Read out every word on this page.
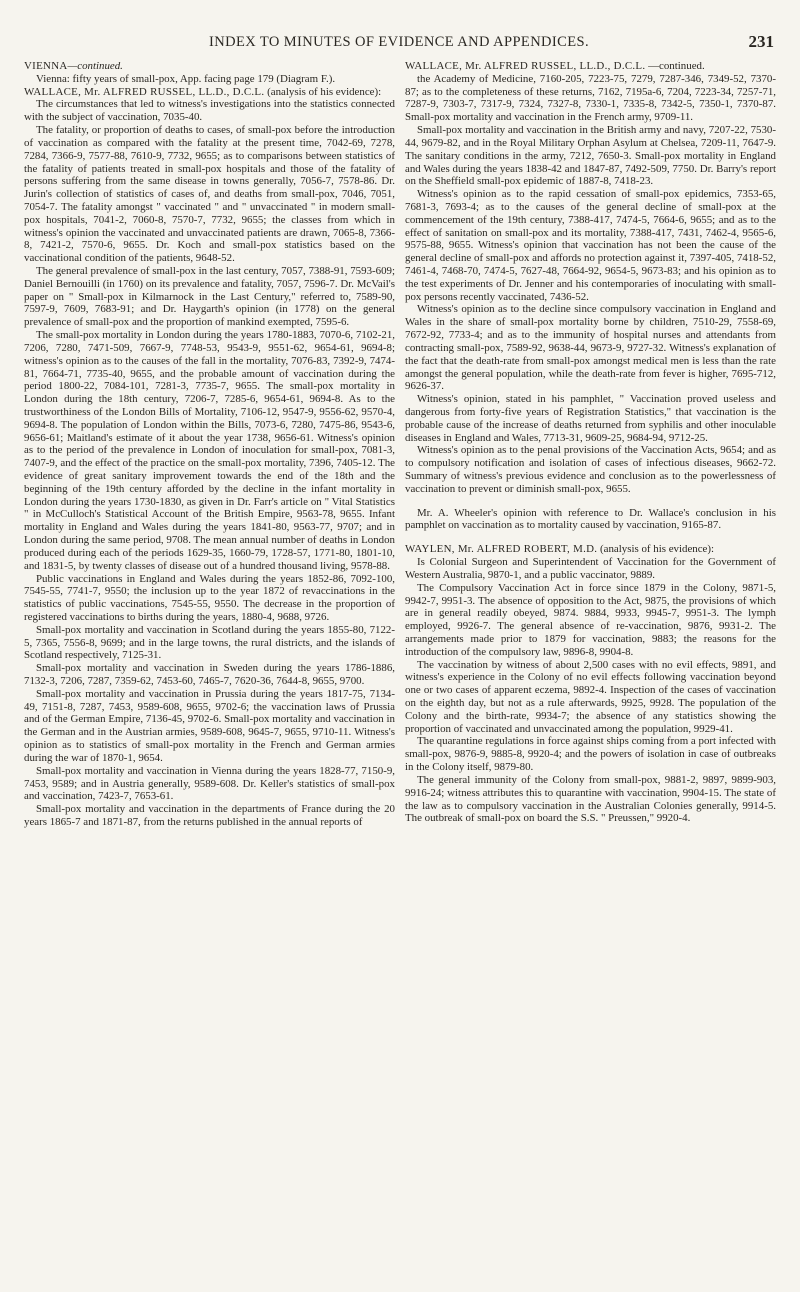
INDEX TO MINUTES OF EVIDENCE AND APPENDICES.	231

VIENNA—continued.

Vienna: fifty years of small-pox, App. facing page 179 (Diagram F.).

WALLACE, Mr. ALFRED RUSSEL, LL.D., D.C.L. (analysis of his evidence):

The circumstances that led to witness's investigations into the statistics connected with the subject of vaccination, 7035-40.

The fatality, or proportion of deaths to cases, of small-pox before the introduction of vaccination as compared with the fatality at the present time, 7042-69, 7278, 7284, 7366-9, 7577-88, 7610-9, 7732, 9655; as to comparisons between statistics of the fatality of patients treated in small-pox hospitals and those of the fatality of persons suffering from the same disease in towns generally, 7056-7, 7578-86. Dr. Jurin's collection of statistics of cases of, and deaths from small-pox, 7046, 7051, 7054-7. The fatality amongst " vaccinated " and " unvaccinated " in modern small-pox hospitals, 7041-2, 7060-8, 7570-7, 7732, 9655; the classes from which in witness's opinion the vaccinated and unvaccinated patients are drawn, 7065-8, 7366-8, 7421-2, 7570-6, 9655. Dr. Koch and small-pox statistics based on the vaccinational condition of the patients, 9648-52.

The general prevalence of small-pox in the last century, 7057, 7388-91, 7593-609; Daniel Bernouilli (in 1760) on its prevalence and fatality, 7057, 7596-7. Dr. McVail's paper on " Small-pox in Kilmarnock in the Last Century," referred to, 7589-90, 7597-9, 7609, 7683-91; and Dr. Haygarth's opinion (in 1778) on the general prevalence of small-pox and the proportion of mankind exempted, 7595-6.

The small-pox mortality in London during the years 1780-1883, 7070-6, 7102-21, 7206, 7280, 7471-509, 7667-9, 7748-53, 9543-9, 9551-62, 9654-61, 9694-8; witness's opinion as to the causes of the fall in the mortality, 7076-83, 7392-9, 7474-81, 7664-71, 7735-40, 9655, and the probable amount of vaccination during the period 1800-22, 7084-101, 7281-3, 7735-7, 9655. The small-pox mortality in London during the 18th century, 7206-7, 7285-6, 9654-61, 9694-8. As to the trustworthiness of the London Bills of Mortality, 7106-12, 9547-9, 9556-62, 9570-4, 9694-8. The population of London within the Bills, 7073-6, 7280, 7475-86, 9543-6, 9656-61; Maitland's estimate of it about the year 1738, 9656-61. Witness's opinion as to the period of the prevalence in London of inoculation for small-pox, 7081-3, 7407-9, and the effect of the practice on the small-pox mortality, 7396, 7405-12. The evidence of great sanitary improvement towards the end of the 18th and the beginning of the 19th century afforded by the decline in the infant mortality in London during the years 1730-1830, as given in Dr. Farr's article on " Vital Statistics " in McCulloch's Statistical Account of the British Empire, 9563-78, 9655. Infant mortality in England and Wales during the years 1841-80, 9563-77, 9707; and in London during the same period, 9708. The mean annual number of deaths in London produced during each of the periods 1629-35, 1660-79, 1728-57, 1771-80, 1801-10, and 1831-5, by twenty classes of disease out of a hundred thousand living, 9578-88.

Public vaccinations in England and Wales during the years 1852-86, 7092-100, 7545-55, 7741-7, 9550; the inclusion up to the year 1872 of revaccinations in the statistics of public vaccinations, 7545-55, 9550. The decrease in the proportion of registered vaccinations to births during the years, 1880-4, 9688, 9726.

Small-pox mortality and vaccination in Scotland during the years 1855-80, 7122-5, 7365, 7556-8, 9699; and in the large towns, the rural districts, and the islands of Scotland respectively, 7125-31.

Small-pox mortality and vaccination in Sweden during the years 1786-1886, 7132-3, 7206, 7287, 7359-62, 7453-60, 7465-7, 7620-36, 7644-8, 9655, 9700.

Small-pox mortality and vaccination in Prussia during the years 1817-75, 7134-49, 7151-8, 7287, 7453, 9589-608, 9655, 9702-6; the vaccination laws of Prussia and of the German Empire, 7136-45, 9702-6. Small-pox mortality and vaccination in the German and in the Austrian armies, 9589-608, 9645-7, 9655, 9710-11. Witness's opinion as to statistics of small-pox mortality in the French and German armies during the war of 1870-1, 9654.

Small-pox mortality and vaccination in Vienna during the years 1828-77, 7150-9, 7453, 9589; and in Austria generally, 9589-608. Dr. Keller's statistics of small-pox and vaccination, 7423-7, 7653-61.

Small-pox mortality and vaccination in the departments of France during the 20 years 1865-7 and 1871-87, from the returns published in the annual reports of

WALLACE, Mr. ALFRED RUSSEL, LL.D., D.C.L. —continued.

the Academy of Medicine, 7160-205, 7223-75, 7279, 7287-346, 7349-52, 7370-87; as to the completeness of these returns, 7162, 7195a-6, 7204, 7223-34, 7257-71, 7287-9, 7303-7, 7317-9, 7324, 7327-8, 7330-1, 7335-8, 7342-5, 7350-1, 7370-87. Small-pox mortality and vaccination in the French army, 9709-11.

Small-pox mortality and vaccination in the British army and navy, 7207-22, 7530-44, 9679-82, and in the Royal Military Orphan Asylum at Chelsea, 7209-11, 7647-9. The sanitary conditions in the army, 7212, 7650-3. Small-pox mortality in England and Wales during the years 1838-42 and 1847-87, 7492-509, 7750. Dr. Barry's report on the Sheffield small-pox epidemic of 1887-8, 7418-23.

Witness's opinion as to the rapid cessation of small-pox epidemics, 7353-65, 7681-3, 7693-4; as to the causes of the general decline of small-pox at the commencement of the 19th century, 7388-417, 7474-5, 7664-6, 9655; and as to the effect of sanitation on small-pox and its mortality, 7388-417, 7431, 7462-4, 9565-6, 9575-88, 9655. Witness's opinion that vaccination has not been the cause of the general decline of small-pox and affords no protection against it, 7397-405, 7418-52, 7461-4, 7468-70, 7474-5, 7627-48, 7664-92, 9654-5, 9673-83; and his opinion as to the test experiments of Dr. Jenner and his contemporaries of inoculating with small-pox persons recently vaccinated, 7436-52.

Witness's opinion as to the decline since compulsory vaccination in England and Wales in the share of small-pox mortality borne by children, 7510-29, 7558-69, 7672-92, 7733-4; and as to the immunity of hospital nurses and attendants from contracting small-pox, 7589-92, 9638-44, 9673-9, 9727-32. Witness's explanation of the fact that the death-rate from small-pox amongst medical men is less than the rate amongst the general population, while the death-rate from fever is higher, 7695-712, 9626-37.

Witness's opinion, stated in his pamphlet, " Vaccination proved useless and dangerous from forty-five years of Registration Statistics," that vaccination is the probable cause of the increase of deaths returned from syphilis and other inoculable diseases in England and Wales, 7713-31, 9609-25, 9684-94, 9712-25.

Witness's opinion as to the penal provisions of the Vaccination Acts, 9654; and as to compulsory notification and isolation of cases of infectious diseases, 9662-72. Summary of witness's previous evidence and conclusion as to the powerlessness of vaccination to prevent or diminish small-pox, 9655.

Mr. A. Wheeler's opinion with reference to Dr. Wallace's conclusion in his pamphlet on vaccination as to mortality caused by vaccination, 9165-87.

WAYLEN, Mr. ALFRED ROBERT, M.D. (analysis of his evidence):

Is Colonial Surgeon and Superintendent of Vaccination for the Government of Western Australia, 9870-1, and a public vaccinator, 9889.

The Compulsory Vaccination Act in force since 1879 in the Colony, 9871-5, 9942-7, 9951-3. The absence of opposition to the Act, 9875, the provisions of which are in general readily obeyed, 9874. 9884, 9933, 9945-7, 9951-3. The lymph employed, 9926-7. The general absence of re-vaccination, 9876, 9931-2. The arrangements made prior to 1879 for vaccination, 9883; the reasons for the introduction of the compulsory law, 9896-8, 9904-8.

The vaccination by witness of about 2,500 cases with no evil effects, 9891, and witness's experience in the Colony of no evil effects following vaccination beyond one or two cases of apparent eczema, 9892-4. Inspection of the cases of vaccination on the eighth day, but not as a rule afterwards, 9925, 9928. The population of the Colony and the birth-rate, 9934-7; the absence of any statistics showing the proportion of vaccinated and unvaccinated among the population, 9929-41.

The quarantine regulations in force against ships coming from a port infected with small-pox, 9876-9, 9885-8, 9920-4; and the powers of isolation in case of outbreaks in the Colony itself, 9879-80.

The general immunity of the Colony from small-pox, 9881-2, 9897, 9899-903, 9916-24; witness attributes this to quarantine with vaccination, 9904-15. The state of the law as to compulsory vaccination in the Australian Colonies generally, 9914-5. The outbreak of small-pox on board the S.S. " Preussen," 9920-4.
